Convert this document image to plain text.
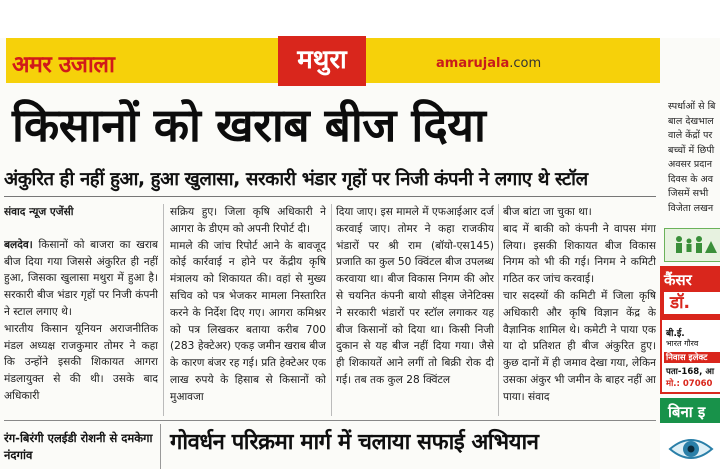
अमर उजाला	मथुरा	amarujala.com
किसानों को खराब बीज दिया
अंकुरित ही नहीं हुआ, हुआ खुलासा, सरकारी भंडार गृहों पर निजी कंपनी ने लगाए थे स्टॉल
संवाद न्यूज एजेंसी

बलदेव। किसानों को बाजरा का खराब बीज दिया गया जिससे अंकुरित ही नहीं हुआ, जिसका खुलासा मथुरा में हुआ है। सरकारी बीज भंडार गृहों पर निजी कंपनी ने स्टाल लगाए थे।

भारतीय किसान यूनियन अराजनीतिक मंडल अध्यक्ष राजकुमार तोमर ने कहा कि उन्होंने इसकी शिकायत आगरा मंडलायुक्त से की थी। उसके बाद अधिकारी

सक्रिय हुए। जिला कृषि अधिकारी ने आगरा के डीएम को अपनी रिपोर्ट दी।

मामले की जांच रिपोर्ट आने के बावजूद कोई कार्रवाई न होने पर केंद्रीय कृषि मंत्रालय को शिकायत की। वहां से मुख्य सचिव को पत्र भेजकर मामला निस्तारित करने के निर्देश दिए गए। आगरा कमिश्नर को पत्र लिखकर बताया करीब 700 (283 हेक्टेअर) एकड़ जमीन खराब बीज के कारण बंजर रह गई। प्रति हेक्टेअर एक लाख रुपये के हिसाब से किसानों को मुआवजा

दिया जाए। इस मामले में एफआईआर दर्ज करवाई जाए। तोमर ने कहा राजकीय भंडारों पर श्री राम (बॉयो-एस145) प्रजाति का कुल 50 क्विंटल बीज उपलब्ध करवाया था। बीज विकास निगम की ओर से चयनित कंपनी बायो सीड्स जेनेटिक्स ने सरकारी भंडारों पर स्टॉल लगाकर यह बीज किसानों को दिया था। किसी निजी दुकान से यह बीज नहीं दिया गया। जैसे ही शिकायतें आने लगीं तो बिक्री रोक दी गई। तब तक कुल 28 क्विंटल

बीज बांटा जा चुका था।

बाद में बाकी को कंपनी ने वापस मंगा लिया। इसकी शिकायत बीज विकास निगम को भी की गई। निगम ने कमिटी गठित कर जांच करवाई।

चार सदस्यों की कमिटी में जिला कृषि अधिकारी और कृषि विज्ञान केंद्र के वैज्ञानिक शामिल थे। कमेटी ने पाया एक या दो प्रतिशत ही बीज अंकुरित हुए। कुछ दानों में ही जमाव देखा गया, लेकिन उसका अंकुर भी जमीन के बाहर नहीं आ पाया। संवाद

रंग-बिरंगी एलईडी रोशनी से दमकेगा नंदगांव	गोवर्धन परिक्रमा मार्ग में चलाया सफाई अभियान
स्पर्धाओं से बि
बाल देखभाल
वाले केंद्रों पर
बच्चों में छिपी
अवसर प्रदान
दिवस के अव
जिसमें सभी
विजेता लखन
कैंसर
डॉ.
बी.ई.
भारत गौरव
निवास इलेक्ट
पता-168, आ
मो.: 07060
बिना इ
